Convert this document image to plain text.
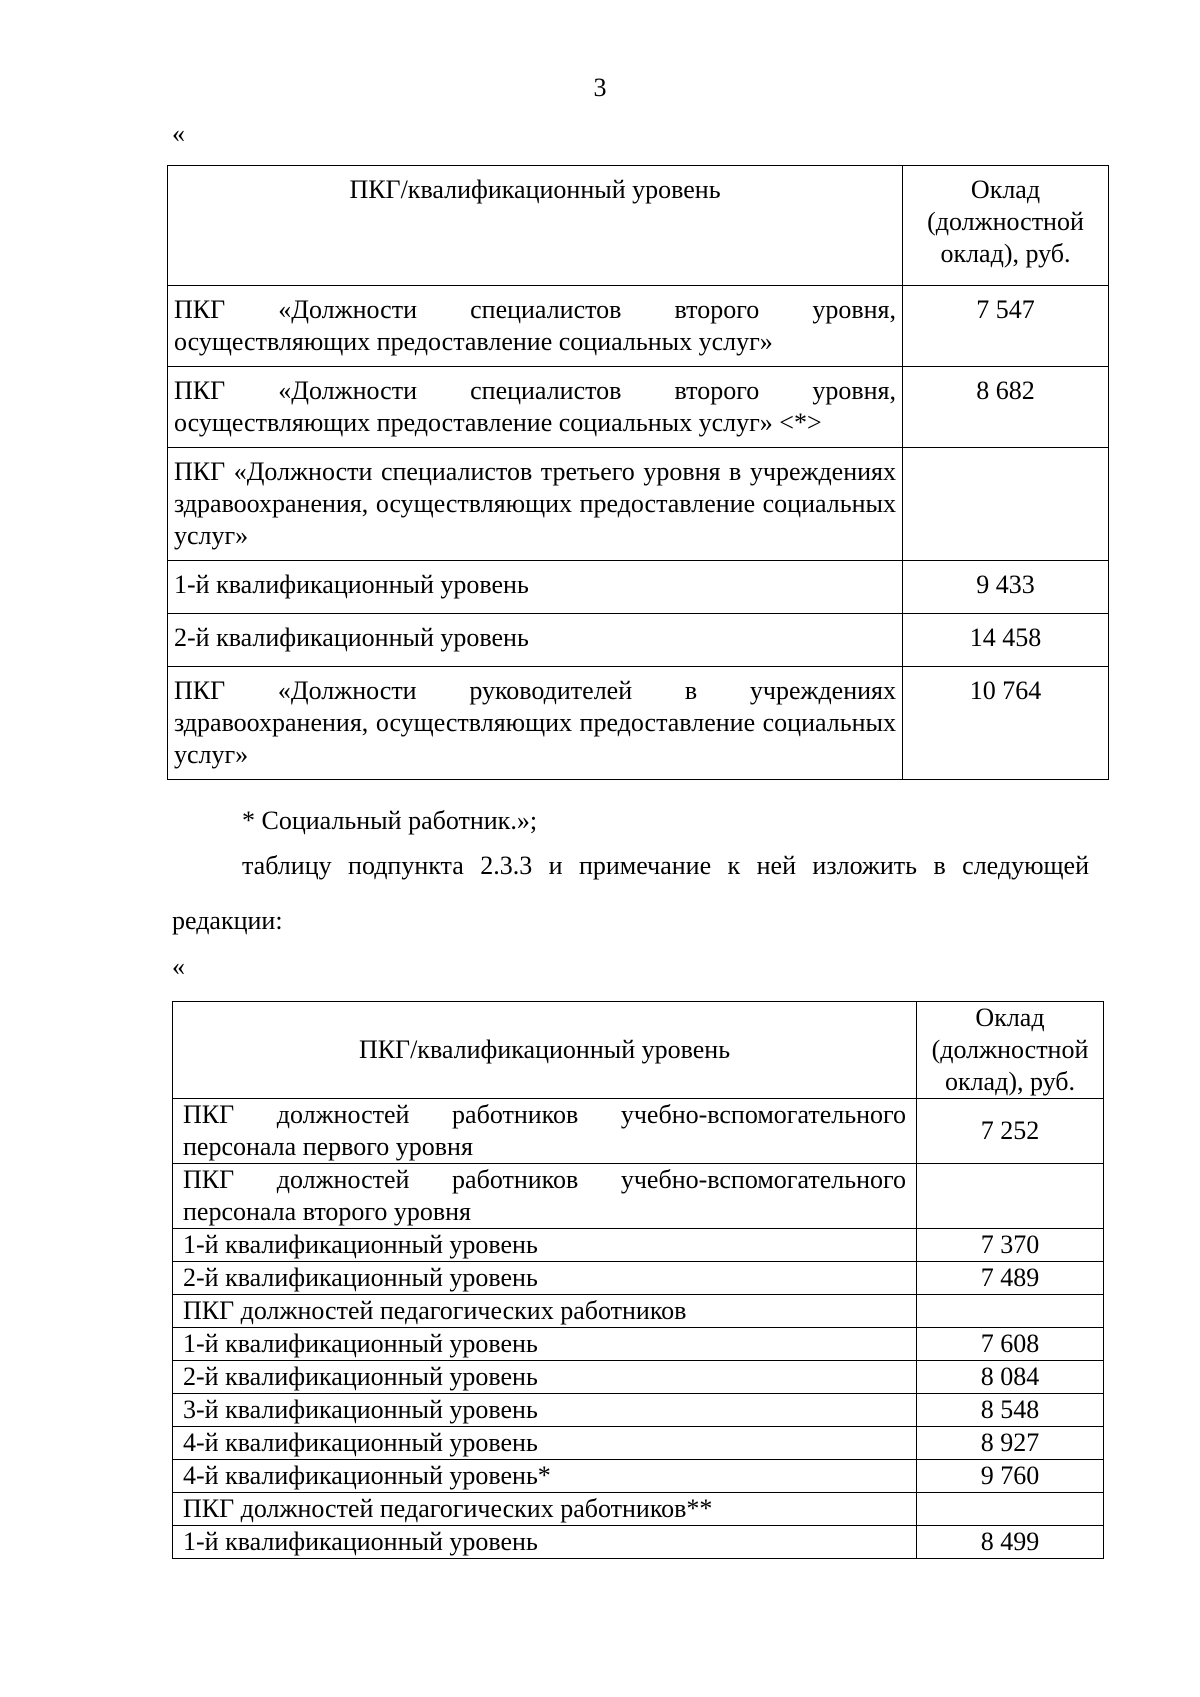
3
«
ПКГ/квалификационный уровень	Оклад (должностной оклад), руб.
ПКГ «Должности специалистов второго уровня, осуществляющих предоставление социальных услуг»	7 547
ПКГ «Должности специалистов второго уровня, осуществляющих предоставление социальных услуг» <*>	8 682
ПКГ «Должности специалистов третьего уровня в учреждениях здравоохранения, осуществляющих предоставление социальных услуг»	
1-й квалификационный уровень	9 433
2-й квалификационный уровень	14 458
ПКГ «Должности руководителей в учреждениях здравоохранения, осуществляющих предоставление социальных услуг»	10 764
* Социальный работник.»;
таблицу подпункта 2.3.3 и примечание к ней изложить в следующей
редакции:
«
ПКГ/квалификационный уровень	Оклад (должностной оклад), руб.
ПКГ должностей работников учебно-вспомогательного персонала первого уровня	7 252
ПКГ должностей работников учебно-вспомогательного персонала второго уровня	
1-й квалификационный уровень	7 370
2-й квалификационный уровень	7 489
ПКГ должностей педагогических работников	
1-й квалификационный уровень	7 608
2-й квалификационный уровень	8 084
3-й квалификационный уровень	8 548
4-й квалификационный уровень	8 927
4-й квалификационный уровень*	9 760
ПКГ должностей педагогических работников**	
1-й квалификационный уровень	8 499
